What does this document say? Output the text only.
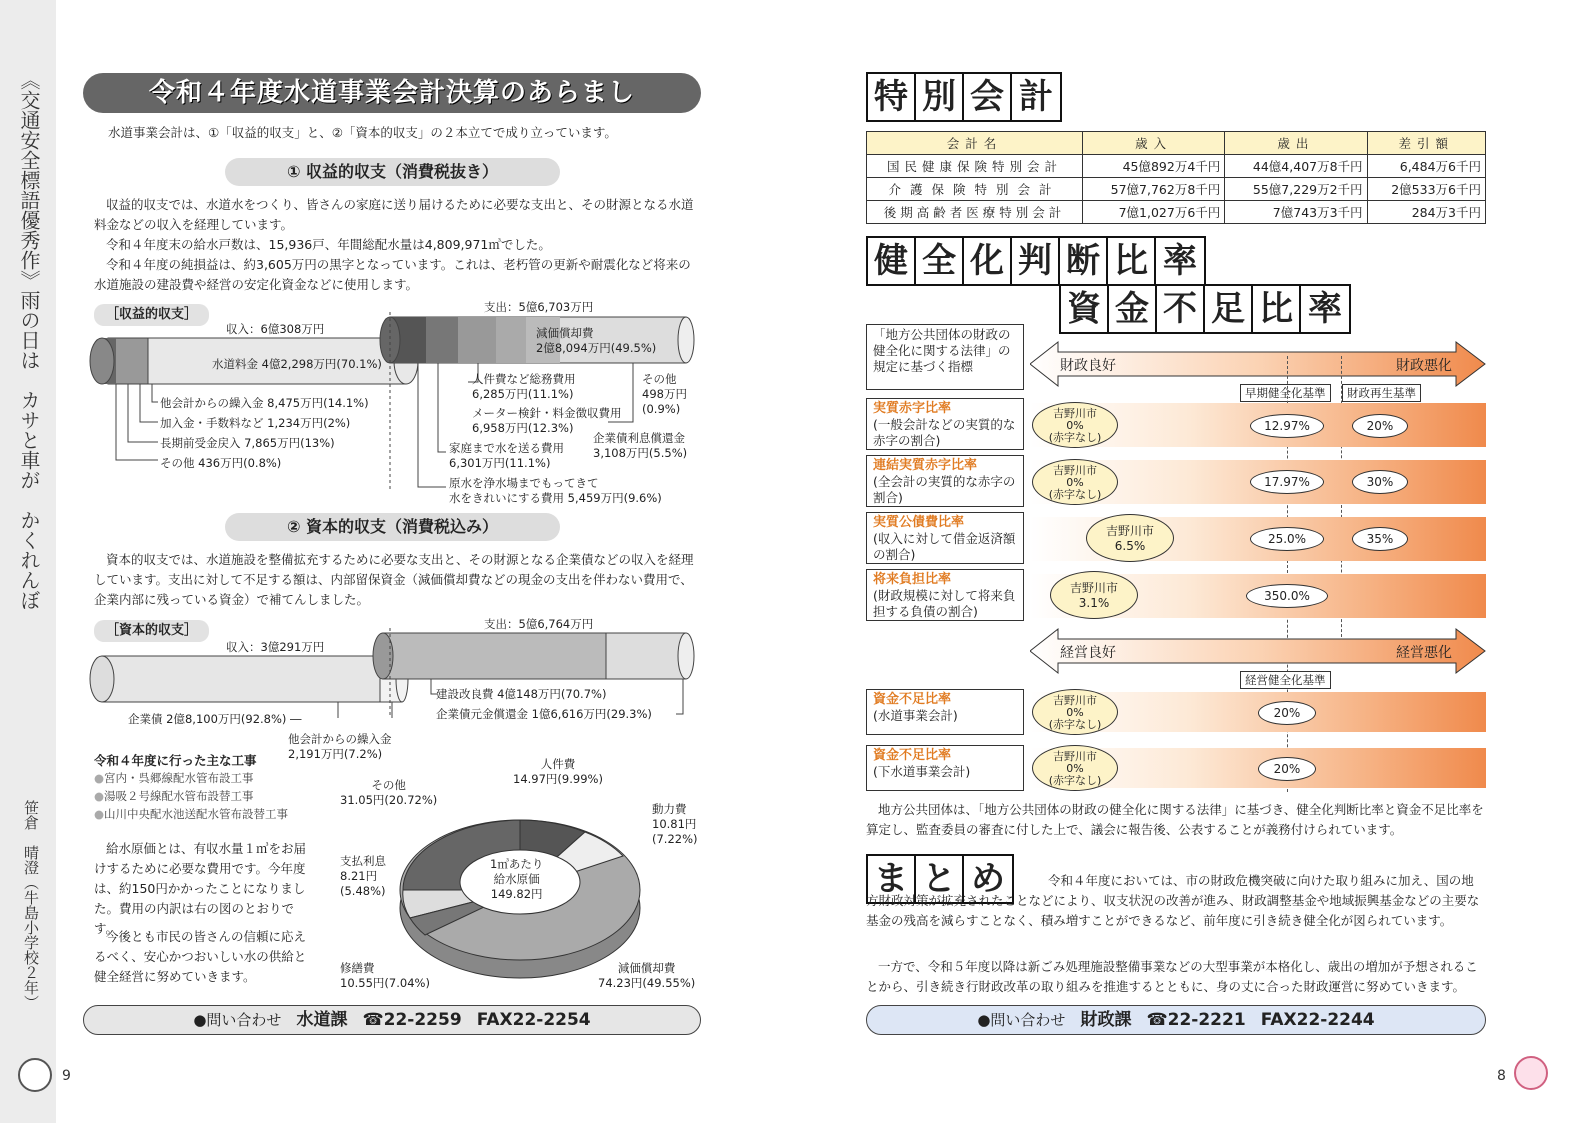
《交通安全標語優秀作》雨の日は　カサと車が　かくれんぼ
笹倉　晴澄（牛島小学校２年）
9
令和４年度水道事業会計決算のあらまし
水道事業会計は、①「収益的収支」と、②「資本的収支」の２本立てで成り立っています。
① 収益的収支（消費税抜き）
収益的収支では、水道水をつくり、皆さんの家庭に送り届けるために必要な支出と、その財源となる水道料金などの収入を経理しています。
令和４年度末の給水戸数は、15,936戸、年間総配水量は4,809,971㎥でした。
令和４年度の純損益は、約3,605万円の黒字となっています。これは、老朽管の更新や耐震化など将来の水道施設の建設費や経営の安定化資金などに使用します。
［収益的収支］
収入：6億308万円
支出：5億6,703万円
水道料金 4億2,298万円(70.1%)
他会計からの繰入金 8,475万円(14.1%)
加入金・手数料など 1,234万円(2%)
長期前受金戻入 7,865万円(13%)
その他 436万円(0.8%)
減価償却費
2億8,094万円(49.5%)
人件費など総務費用
6,285万円(11.1%)
メーター検針・料金徴収費用
6,958万円(12.3%)
その他
498万円
(0.9%)
企業債利息償還金
3,108万円(5.5%)
家庭まで水を送る費用
6,301万円(11.1%)
原水を浄水場までもってきて
水をきれいにする費用 5,459万円(9.6%)
② 資本的収支（消費税込み）
資本的収支では、水道施設を整備拡充するために必要な支出と、その財源となる企業債などの収入を経理しています。支出に対して不足する額は、内部留保資金（減価償却費などの現金の支出を伴わない費用で、企業内部に残っている資金）で補てんしました。
［資本的収支］
収入：3億291万円
支出：5億6,764万円
企業債 2億8,100万円(92.8%) ―
他会計からの繰入金
2,191万円(7.2%)
建設改良費 4億148万円(70.7%)
企業債元金償還金 1億6,616万円(29.3%)
令和４年度に行った主な工事
●宮内・呉郷線配水管布設工事
●湯吸２号線配水管布設替工事
●山川中央配水池送配水管布設替工事
給水原価とは、有収水量１㎥をお届けするために必要な費用です。今年度は、約150円かかったことになりました。費用の内訳は右の図のとおりです。
今後とも市民の皆さんの信頼に応えるべく、安心かつおいしい水の供給と健全経営に努めていきます。
1㎥あたり
給水原価
149.82円
人件費
14.97円(9.99%)
動力費
10.81円
(7.22%)
減価償却費
74.23円(49.55%)
修繕費
10.55円(7.04%)
支払利息
8.21円
(5.48%)
その他
31.05円(20.72%)
●問い合わせ　 水道課　 ☎22-2259　 FAX22-2254
特 別 会 計
会計名	歳入	歳出	差引額
国民健康保険特別会計	45億892万4千円	44億4,407万8千円	6,484万6千円
介護保険特別会計	57億7,762万8千円	55億7,229万2千円	2億533万6千円
後期高齢者医療特別会計	7億1,027万6千円	7億743万3千円	284万3千円
健 全 化 判 断 比 率
資 金 不 足 比 率
「地方公共団体の財政の健全化に関する法律」の規定に基づく指標	財政良好	財政悪化
早期健全化基準	財政再生基準
実質赤字比率
(一般会計などの実質的な赤字の割合)
吉野川市
0%
(赤字なし)
12.97%	20%
連結実質赤字比率
(全会計の実質的な赤字の割合)
吉野川市
0%
(赤字なし)
17.97%	30%
実質公債費比率
(収入に対して借金返済額の割合)
吉野川市
6.5%	25.0%	35%
将来負担比率
(財政規模に対して将来負担する負債の割合)
吉野川市
3.1%	350.0%
経営良好	経営悪化
経営健全化基準
資金不足比率
(水道事業会計)
吉野川市
0%
(赤字なし)
20%
資金不足比率
(下水道事業会計)
吉野川市
0%
(赤字なし)
20%
地方公共団体は、「地方公共団体の財政の健全化に関する法律」に基づき、健全化判断比率と資金不足比率を算定し、監査委員の審査に付した上で、議会に報告後、公表することが義務付けられています。
ま と め	令和４年度においては、市の財政危機突破に向けた取り組みに加え、国の地方財政対策が拡充されたことなどにより、収支状況の改善が進み、財政調整基金や地域振興基金などの主要な基金の残高を減らすことなく、積み増すことができるなど、前年度に引き続き健全化が図られています。
一方で、令和５年度以降は新ごみ処理施設整備事業などの大型事業が本格化し、歳出の増加が予想されることから、引き続き行財政改革の取り組みを推進するとともに、身の丈に合った財政運営に努めていきます。
●問い合わせ　 財政課　 ☎22-2221　 FAX22-2244
8
